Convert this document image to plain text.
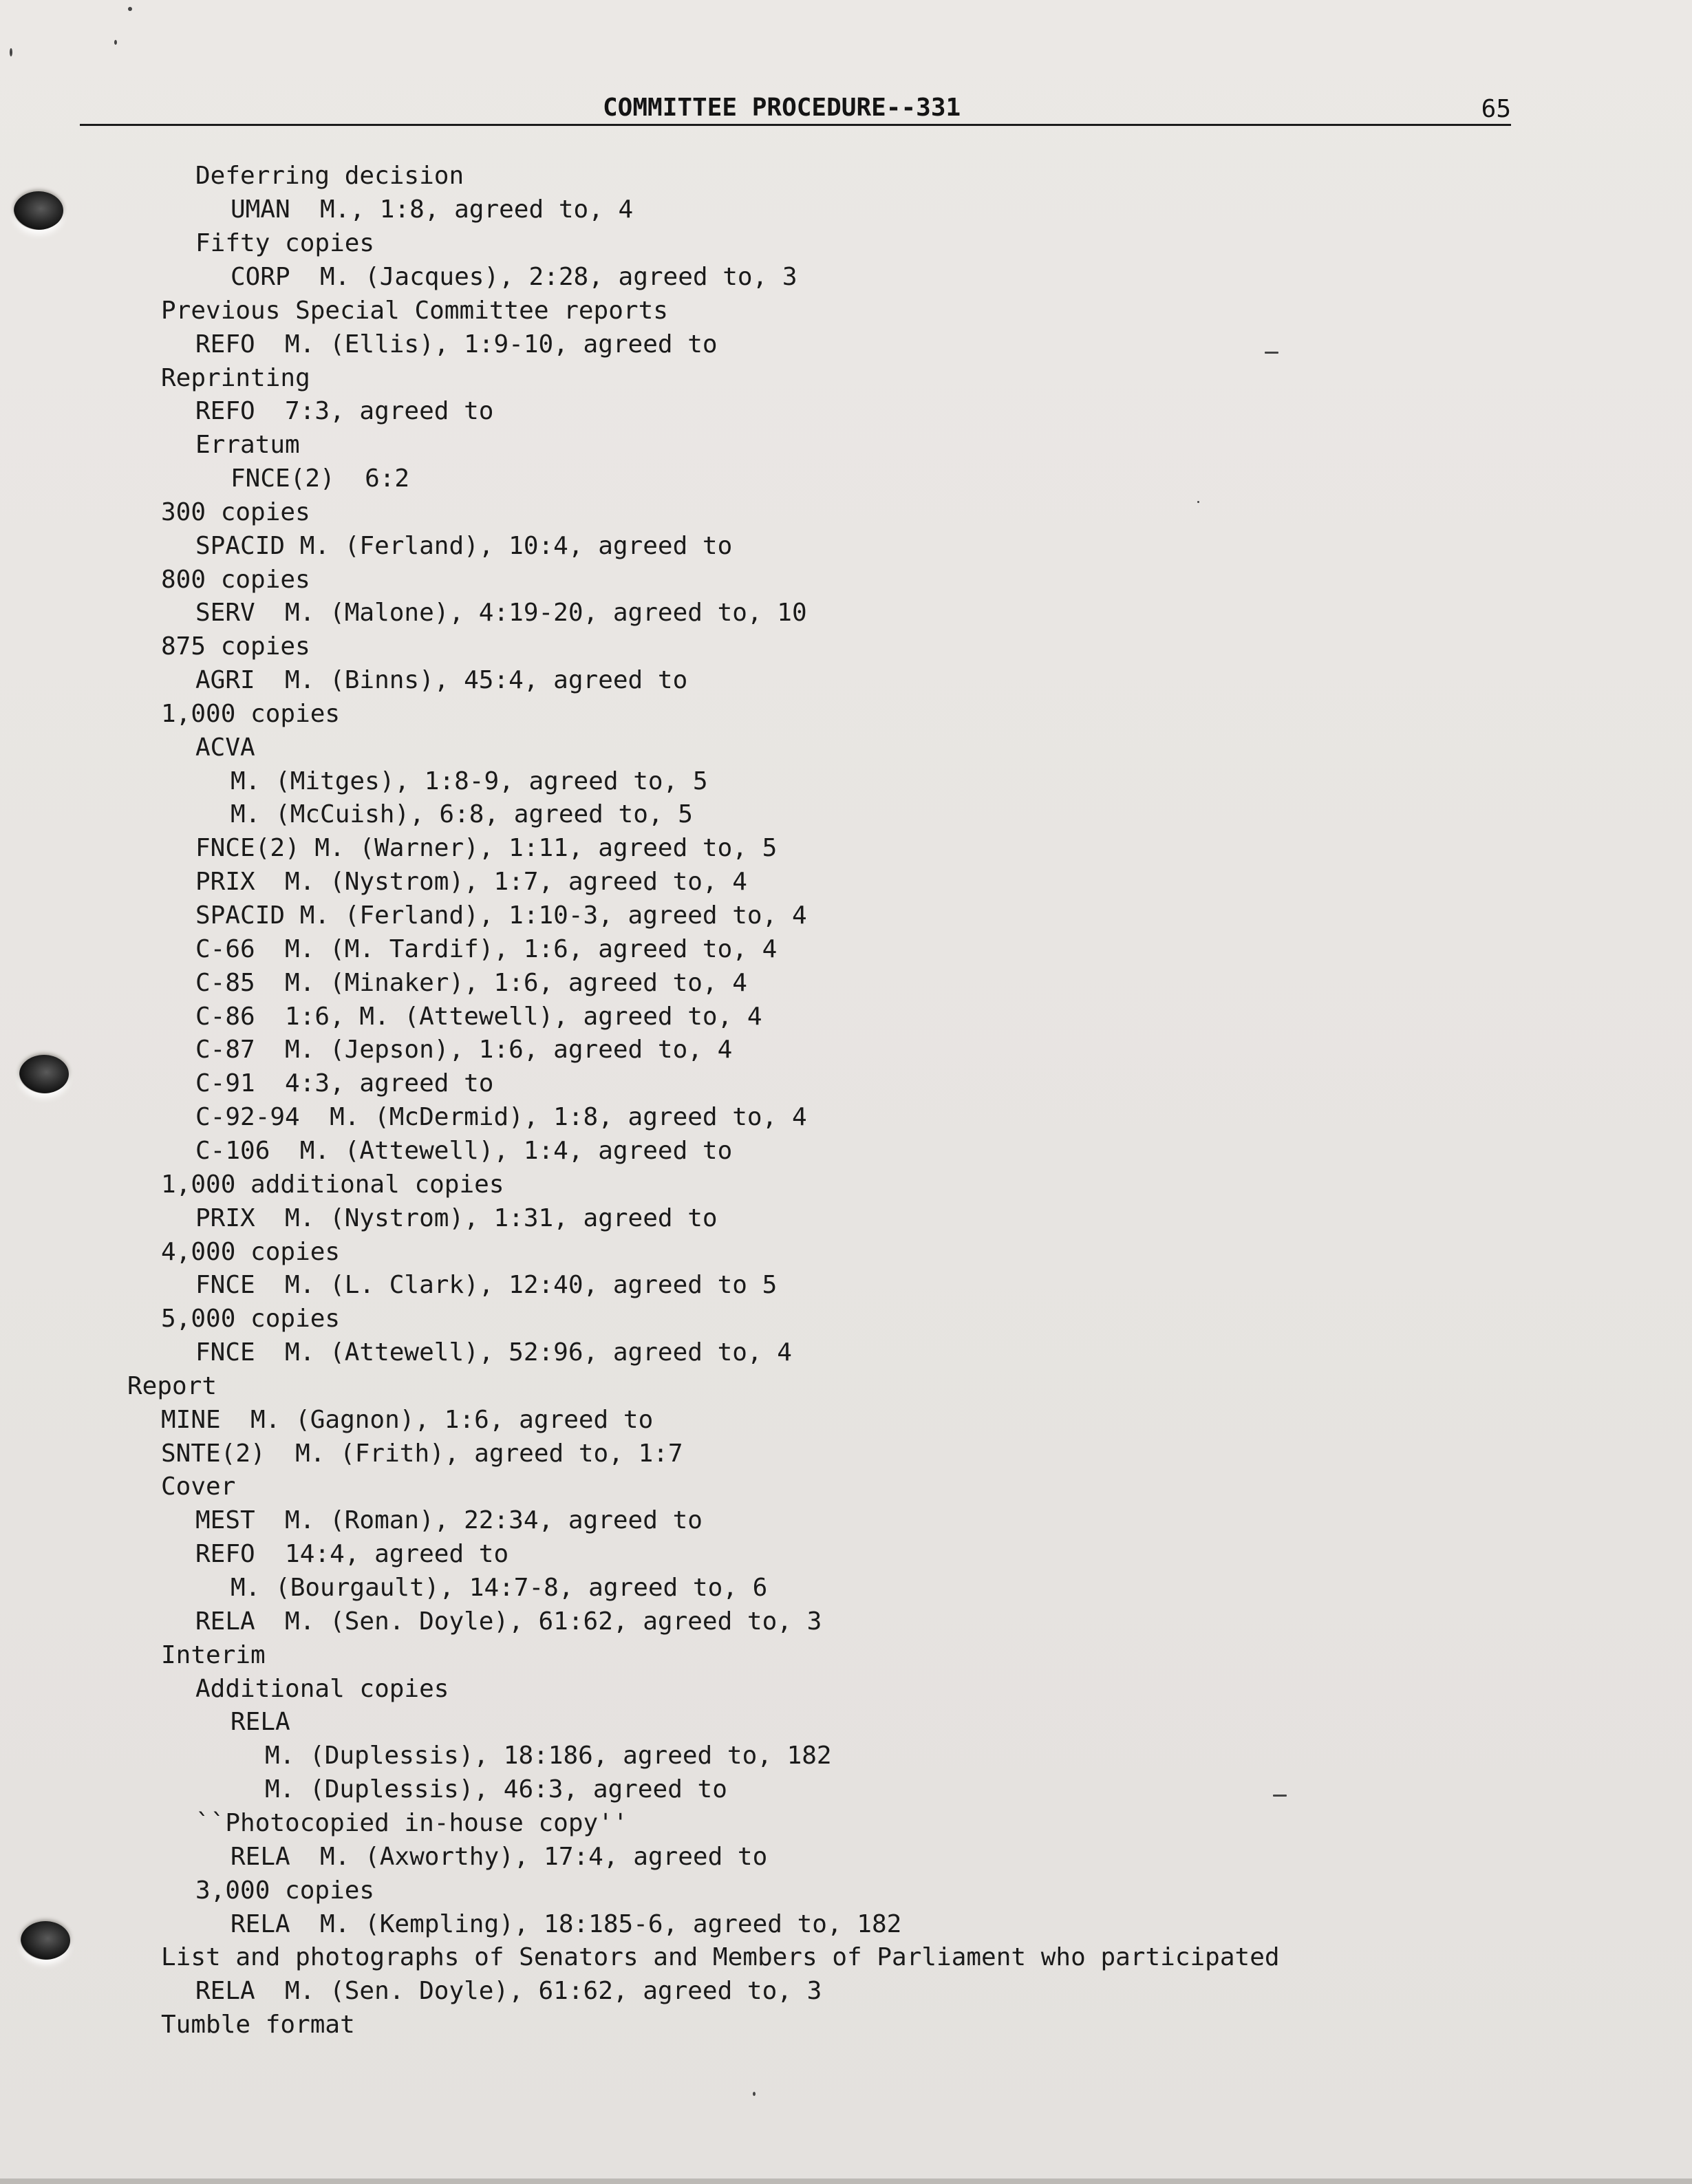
COMMITTEE PROCEDURE--331	65
Deferring decision
UMAN  M., 1:8, agreed to, 4
Fifty copies
CORP  M. (Jacques), 2:28, agreed to, 3
Previous Special Committee reports
REFO  M. (Ellis), 1:9-10, agreed to
Reprinting
REFO  7:3, agreed to
Erratum
FNCE(2)  6:2
300 copies
SPACID M. (Ferland), 10:4, agreed to
800 copies
SERV  M. (Malone), 4:19-20, agreed to, 10
875 copies
AGRI  M. (Binns), 45:4, agreed to
1,000 copies
ACVA
M. (Mitges), 1:8-9, agreed to, 5
M. (McCuish), 6:8, agreed to, 5
FNCE(2) M. (Warner), 1:11, agreed to, 5
PRIX  M. (Nystrom), 1:7, agreed to, 4
SPACID M. (Ferland), 1:10-3, agreed to, 4
C-66  M. (M. Tardif), 1:6, agreed to, 4
C-85  M. (Minaker), 1:6, agreed to, 4
C-86  1:6, M. (Attewell), agreed to, 4
C-87  M. (Jepson), 1:6, agreed to, 4
C-91  4:3, agreed to
C-92-94  M. (McDermid), 1:8, agreed to, 4
C-106  M. (Attewell), 1:4, agreed to
1,000 additional copies
PRIX  M. (Nystrom), 1:31, agreed to
4,000 copies
FNCE  M. (L. Clark), 12:40, agreed to 5
5,000 copies
FNCE  M. (Attewell), 52:96, agreed to, 4
Report
MINE  M. (Gagnon), 1:6, agreed to
SNTE(2)  M. (Frith), agreed to, 1:7
Cover
MEST  M. (Roman), 22:34, agreed to
REFO  14:4, agreed to
M. (Bourgault), 14:7-8, agreed to, 6
RELA  M. (Sen. Doyle), 61:62, agreed to, 3
Interim
Additional copies
RELA
M. (Duplessis), 18:186, agreed to, 182
M. (Duplessis), 46:3, agreed to
``Photocopied in-house copy''
RELA  M. (Axworthy), 17:4, agreed to
3,000 copies
RELA  M. (Kempling), 18:185-6, agreed to, 182
List and photographs of Senators and Members of Parliament who participated
RELA  M. (Sen. Doyle), 61:62, agreed to, 3
Tumble format
